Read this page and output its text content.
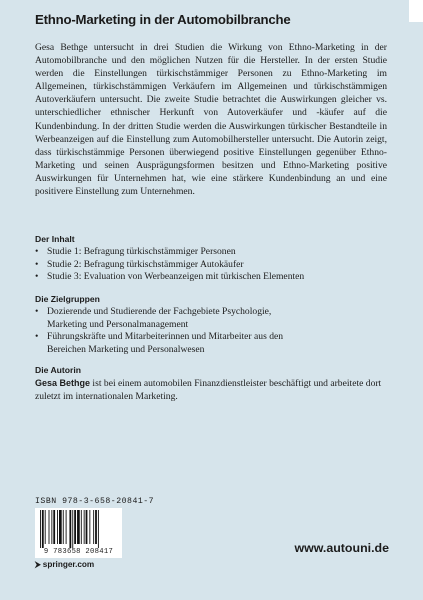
Ethno-Marketing in der Automobilbranche
Gesa Bethge untersucht in drei Studien die Wirkung von Ethno-Marketing in der Automobilbranche und den möglichen Nutzen für die Hersteller. In der ersten Studie werden die Einstellungen türkischstämmiger Personen zu Ethno-Marketing im Allgemeinen, türkischstämmigen Verkäufern im Allgemeinen und türkischstämmigen Autoverkäufern untersucht. Die zweite Studie betrachtet die Auswirkungen gleicher vs. unterschiedlicher ethnischer Herkunft von Autoverkäufer und -käufer auf die Kundenbindung. In der dritten Studie werden die Auswirkungen türkischer Bestandteile in Werbeanzeigen auf die Einstellung zum Automobilhersteller untersucht. Die Autorin zeigt, dass türkischstämmige Personen überwiegend positive Einstellungen gegenüber Ethno-Marketing und seinen Ausprägungsformen besitzen und Ethno-Marketing positive Auswirkungen für Unternehmen hat, wie eine stärkere Kundenbindung an und eine positivere Einstellung zum Unternehmen.
Der Inhalt
• Studie 1: Befragung türkischstämmiger Personen
• Studie 2: Befragung türkischstämmiger Autokäufer
• Studie 3: Evaluation von Werbeanzeigen mit türkischen Elementen
Die Zielgruppen
• Dozierende und Studierende der Fachgebiete Psychologie, Marketing und Personalmanagement
• Führungskräfte und Mitarbeiterinnen und Mitarbeiter aus den Bereichen Marketing und Personalwesen
Die Autorin
Gesa Bethge ist bei einem automobilen Finanzdienstleister beschäftigt und arbeitete dort zuletzt im internationalen Marketing.
ISBN 978-3-658-20841-7
9 783658 208417
⮞ springer.com
www.autouni.de
